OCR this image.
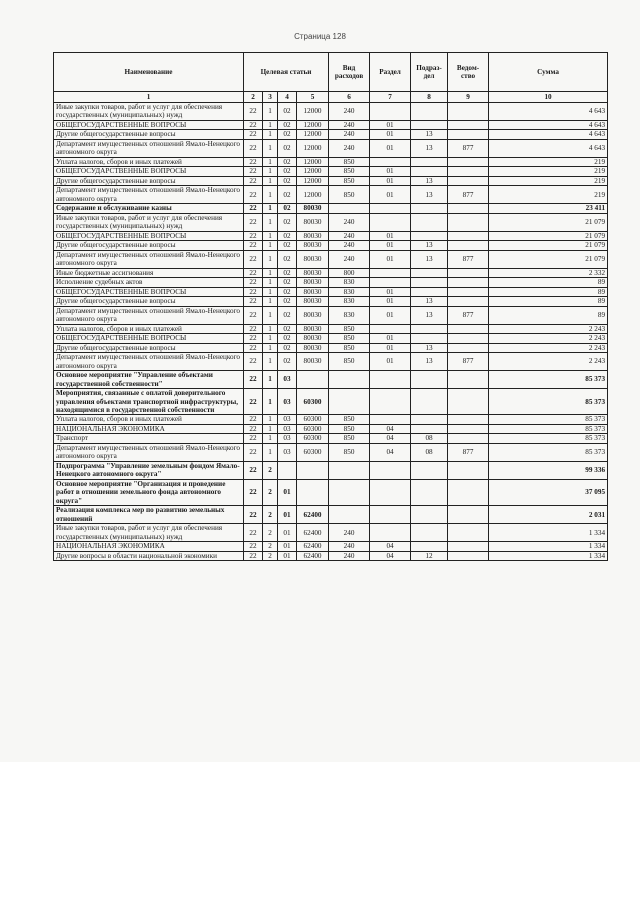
Страница 128
Наименование	Целевая статьи				Вид расходов	Раздел	Подраз-дел	Ведом-ство	Сумма
1	2	3	4	5	6	7	8	9	10
Иные закупки товаров, работ и услуг для обеспечения государственных (муниципальных) нужд	22	1	02	12000	240				4 643
ОБЩЕГОСУДАРСТВЕННЫЕ ВОПРОСЫ	22	1	02	12000	240	01			4 643
Другие общегосударственные вопросы	22	1	02	12000	240	01	13		4 643
Департамент имущественных отношений Ямало-Ненецкого автономного округа	22	1	02	12000	240	01	13	877	4 643
Уплата налогов, сборов и иных платежей	22	1	02	12000	850				219
ОБЩЕГОСУДАРСТВЕННЫЕ ВОПРОСЫ	22	1	02	12000	850	01			219
Другие общегосударственные вопросы	22	1	02	12000	850	01	13		219
Департамент имущественных отношений Ямало-Ненецкого автономного округа	22	1	02	12000	850	01	13	877	219
Содержание и обслуживание казны	22	1	02	80030					23 411
Иные закупки товаров, работ и услуг для обеспечения государственных (муниципальных) нужд	22	1	02	80030	240				21 079
ОБЩЕГОСУДАРСТВЕННЫЕ ВОПРОСЫ	22	1	02	80030	240	01			21 079
Другие общегосударственные вопросы	22	1	02	80030	240	01	13		21 079
Департамент имущественных отношений Ямало-Ненецкого автономного округа	22	1	02	80030	240	01	13	877	21 079
Иные бюджетные ассигнования	22	1	02	80030	800				2 332
Исполнение судебных актов	22	1	02	80030	830				89
ОБЩЕГОСУДАРСТВЕННЫЕ ВОПРОСЫ	22	1	02	80030	830	01			89
Другие общегосударственные вопросы	22	1	02	80030	830	01	13		89
Департамент имущественных отношений Ямало-Ненецкого автономного округа	22	1	02	80030	830	01	13	877	89
Уплата налогов, сборов и иных платежей	22	1	02	80030	850				2 243
ОБЩЕГОСУДАРСТВЕННЫЕ ВОПРОСЫ	22	1	02	80030	850	01			2 243
Другие общегосударственные вопросы	22	1	02	80030	850	01	13		2 243
Департамент имущественных отношений Ямало-Ненецкого автономного округа	22	1	02	80030	850	01	13	877	2 243
Основное мероприятие "Управление объектами государственной собственности"	22	1	03						85 373
Мероприятия, связанные с оплатой доверительного управления объектами транспортной инфраструктуры, находящимися в государственной собственности	22	1	03	60300					85 373
Уплата налогов, сборов и иных платежей	22	1	03	60300	850				85 373
НАЦИОНАЛЬНАЯ ЭКОНОМИКА	22	1	03	60300	850	04			85 373
Транспорт	22	1	03	60300	850	04	08		85 373
Департамент имущественных отношений Ямало-Ненецкого автономного округа	22	1	03	60300	850	04	08	877	85 373
Подпрограмма "Управление земельным фондом Ямало-Ненецкого автономного округа"	22	2							99 336
Основное мероприятие "Организация и проведение работ в отношении земельного фонда автономного округа"	22	2	01						37 095
Реализация комплекса мер по развитию земельных отношений	22	2	01	62400					2 031
Иные закупки товаров, работ и услуг для обеспечения государственных (муниципальных) нужд	22	2	01	62400	240				1 334
НАЦИОНАЛЬНАЯ ЭКОНОМИКА	22	2	01	62400	240	04			1 334
Другие вопросы в области национальной экономики	22	2	01	62400	240	04	12		1 334
